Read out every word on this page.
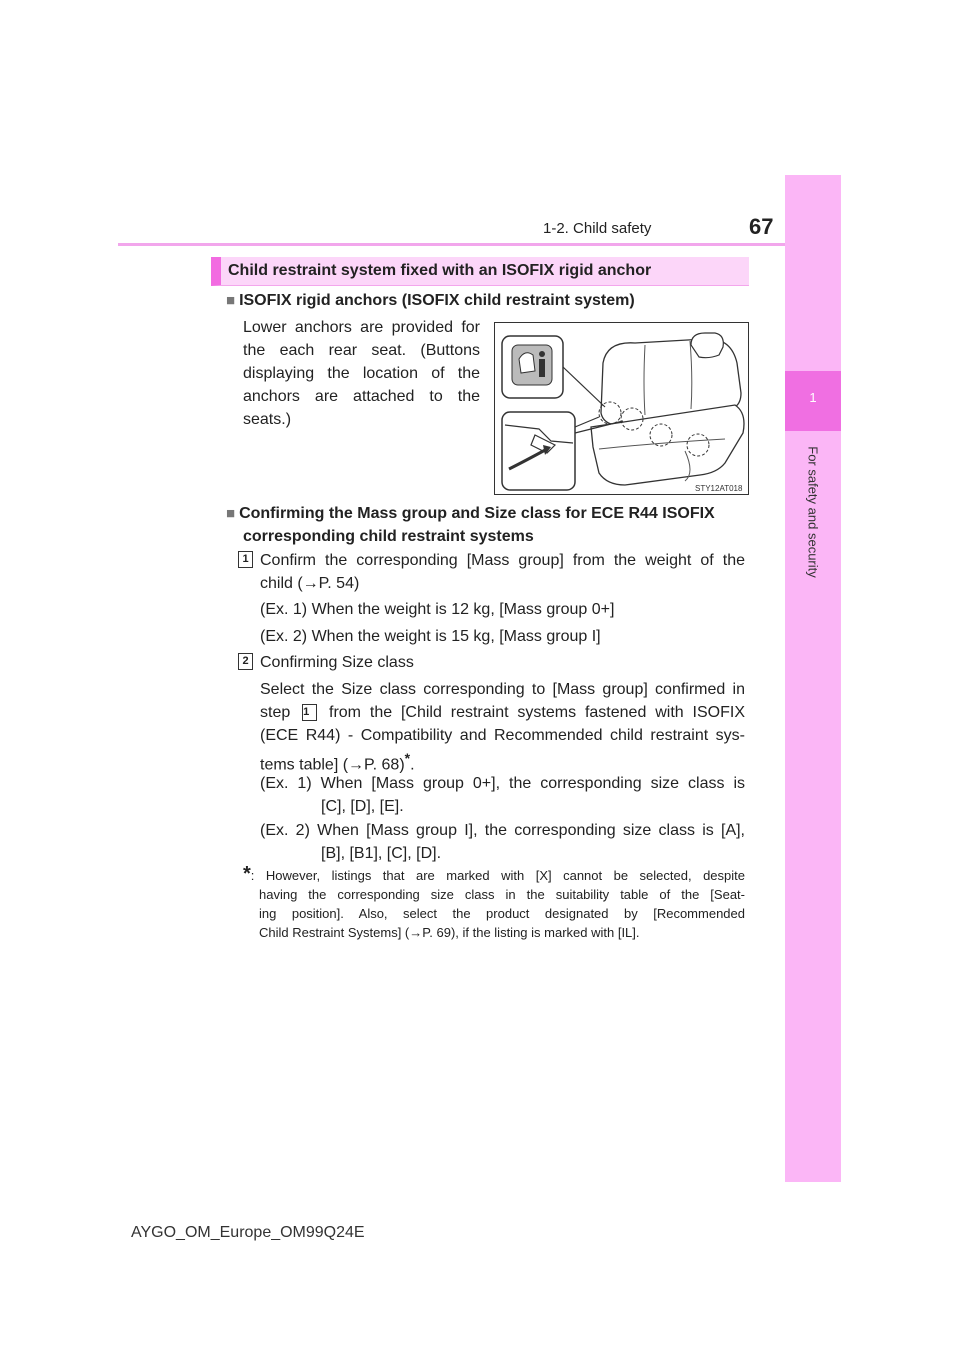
1-2. Child safety	67
1
For safety and security
Child restraint system fixed with an ISOFIX rigid anchor
■ ISOFIX rigid anchors (ISOFIX child restraint system)
Lower anchors are provided for
the each rear seat. (Buttons
displaying the location of the
anchors are attached to the
seats.)
STY12AT018
■ Confirming the Mass group and Size class for ECE R44 ISOFIX
corresponding child restraint systems
1 Confirm the corresponding [Mass group] from the weight of the
child (→P. 54)
(Ex. 1) When the weight is 12 kg, [Mass group 0+]
(Ex. 2) When the weight is 15 kg, [Mass group I]
2 Confirming Size class
Select the Size class corresponding to [Mass group] confirmed in
step 1 from the [Child restraint systems fastened with ISOFIX
(ECE R44) - Compatibility and Recommended child restraint sys-
tems table] (→P. 68)*.
(Ex. 1) When [Mass group 0+], the corresponding size class is
[C], [D], [E].
(Ex. 2) When [Mass group I], the corresponding size class is [A],
[B], [B1], [C], [D].
*: However, listings that are marked with [X] cannot be selected, despite
having the corresponding size class in the suitability table of the [Seat-
ing position]. Also, select the product designated by [Recommended
Child Restraint Systems] (→P. 69), if the listing is marked with [IL].
AYGO_OM_Europe_OM99Q24E
